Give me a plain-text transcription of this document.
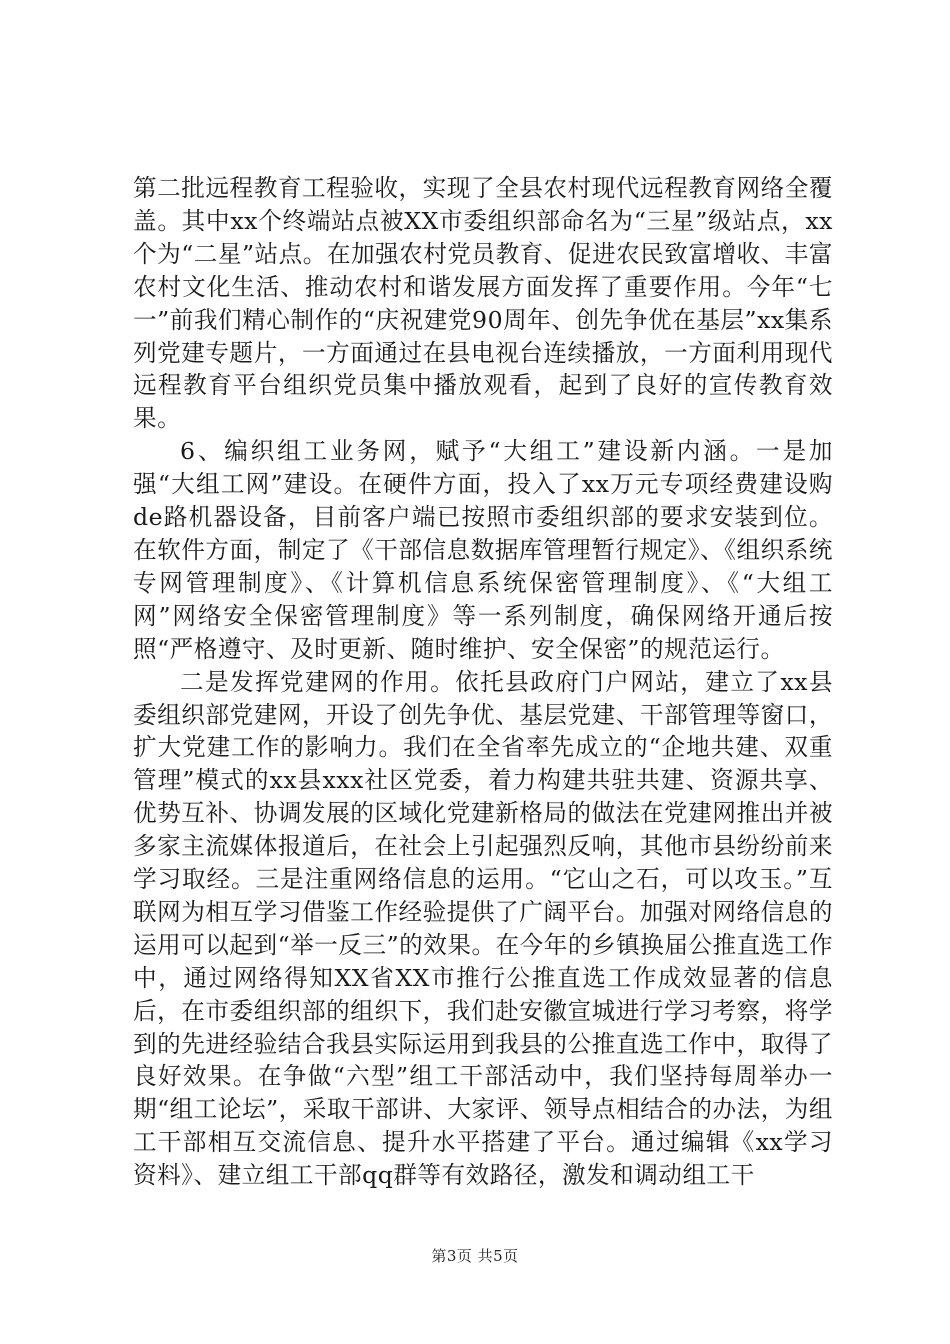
第二批远程教育工程验收，实现了全县农村现代远程教育网络全覆盖。其中xx个终端站点被XX市委组织部命名为“三星”级站点，xx个为“二星”站点。在加强农村党员教育、促进农民致富增收、丰富农村文化生活、推动农村和谐发展方面发挥了重要作用。今年“七一”前我们精心制作的“庆祝建党90周年、创先争优在基层”xx集系列党建专题片，一方面通过在县电视台连续播放，一方面利用现代远程教育平台组织党员集中播放观看，起到了良好的宣传教育效果。

6、编织组工业务网，赋予“大组工”建设新内涵。一是加强“大组工网”建设。在硬件方面，投入了xx万元专项经费建设购de路机器设备，目前客户端已按照市委组织部的要求安装到位。在软件方面，制定了《干部信息数据库管理暂行规定》、《组织系统专网管理制度》、《计算机信息系统保密管理制度》、《“大组工网”网络安全保密管理制度》等一系列制度，确保网络开通后按照“严格遵守、及时更新、随时维护、安全保密”的规范运行。

二是发挥党建网的作用。依托县政府门户网站，建立了xx县委组织部党建网，开设了创先争优、基层党建、干部管理等窗口，扩大党建工作的影响力。我们在全省率先成立的“企地共建、双重管理”模式的xx县xxx社区党委，着力构建共驻共建、资源共享、优势互补、协调发展的区域化党建新格局的做法在党建网推出并被多家主流媒体报道后，在社会上引起强烈反响，其他市县纷纷前来学习取经。三是注重网络信息的运用。“它山之石，可以攻玉。”互联网为相互学习借鉴工作经验提供了广阔平台。加强对网络信息的运用可以起到“举一反三”的效果。在今年的乡镇换届公推直选工作中，通过网络得知XX省XX市推行公推直选工作成效显著的信息后，在市委组织部的组织下，我们赴安徽宣城进行学习考察，将学到的先进经验结合我县实际运用到我县的公推直选工作中，取得了良好效果。在争做“六型”组工干部活动中，我们坚持每周举办一期“组工论坛”，采取干部讲、大家评、领导点相结合的办法，为组工干部相互交流信息、提升水平搭建了平台。通过编辑《xx学习资料》、建立组工干部qq群等有效路径，激发和调动组工干

第3页 共5页
